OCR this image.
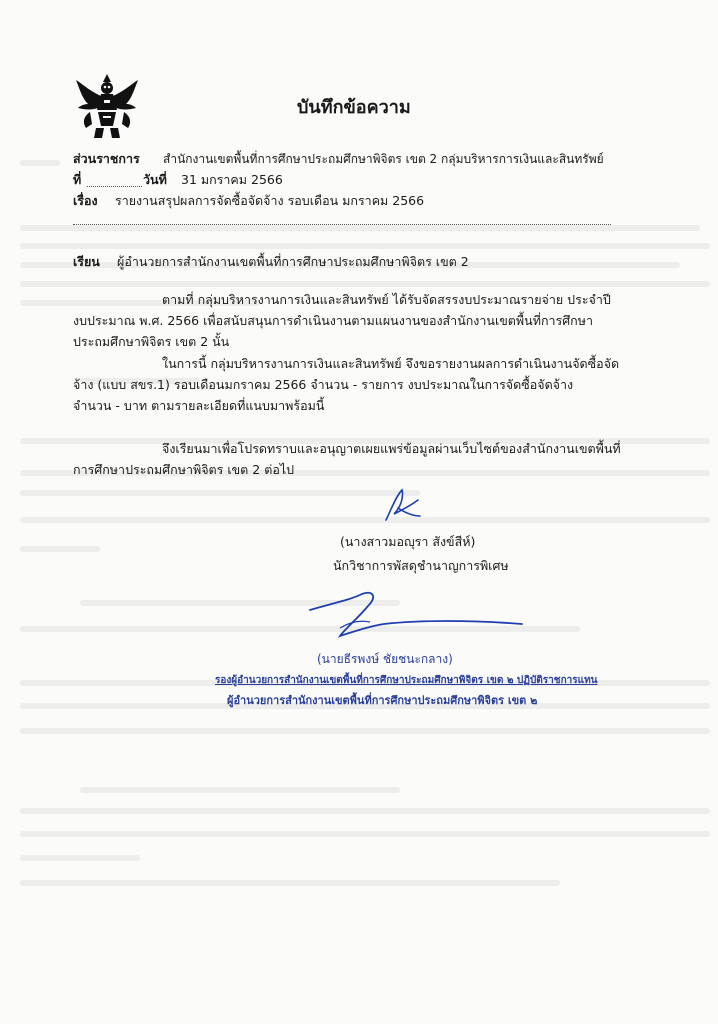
บันทึกข้อความ
ส่วนราชการ สำนักงานเขตพื้นที่การศึกษาประถมศึกษาพิจิตร เขต 2 กลุ่มบริหารการเงินและสินทรัพย์
ที่	วันที่ 31 มกราคม 2566
เรื่อง รายงานสรุปผลการจัดซื้อจัดจ้าง รอบเดือน มกราคม 2566
เรียน ผู้อำนวยการสำนักงานเขตพื้นที่การศึกษาประถมศึกษาพิจิตร เขต 2
ตามที่ กลุ่มบริหารงานการเงินและสินทรัพย์ ได้รับจัดสรรงบประมาณรายจ่าย ประจำปี
งบประมาณ พ.ศ. 2566 เพื่อสนับสนุนการดำเนินงานตามแผนงานของสำนักงานเขตพื้นที่การศึกษา
ประถมศึกษาพิจิตร เขต 2 นั้น
ในการนี้ กลุ่มบริหารงานการเงินและสินทรัพย์ จึงขอรายงานผลการดำเนินงานจัดซื้อจัด
จ้าง (แบบ สขร.1) รอบเดือนมกราคม 2566 จำนวน - รายการ งบประมาณในการจัดซื้อจัดจ้าง
จำนวน - บาท ตามรายละเอียดที่แนบมาพร้อมนี้
จึงเรียนมาเพื่อโปรดทราบและอนุญาตเผยแพร่ข้อมูลผ่านเว็บไซต์ของสำนักงานเขตพื้นที่
การศึกษาประถมศึกษาพิจิตร เขต 2 ต่อไป
(นางสาวมอญุรา สังข์สีห์)
นักวิชาการพัสดุชำนาญการพิเศษ
(นายธีรพงษ์ ชัยชนะกลาง)
รองผู้อำนวยการสำนักงานเขตพื้นที่การศึกษาประถมศึกษาพิจิตร เขต ๒ ปฏิบัติราชการแทน
ผู้อำนวยการสำนักงานเขตพื้นที่การศึกษาประถมศึกษาพิจิตร เขต ๒
